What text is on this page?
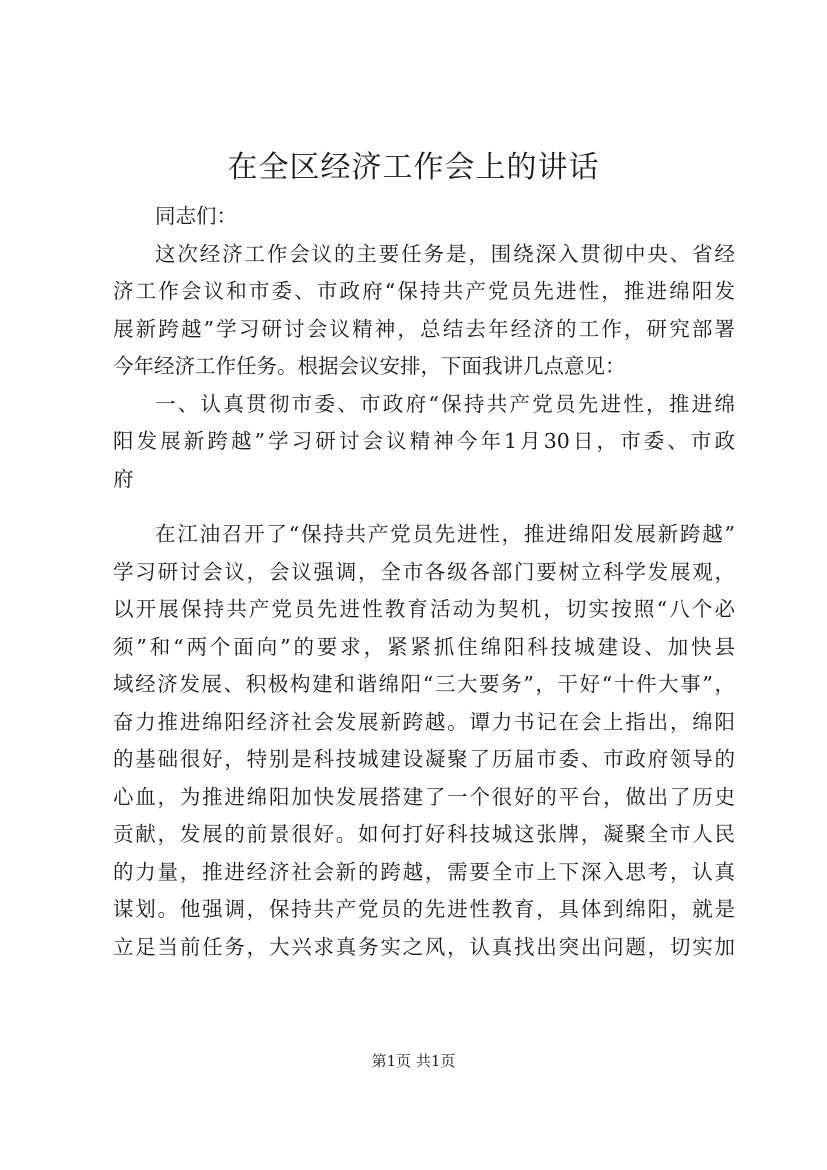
在全区经济工作会上的讲话
同志们：
这次经济工作会议的主要任务是，围绕深入贯彻中央、省经
济工作会议和市委、市政府“保持共产党员先进性，推进绵阳发
展新跨越”学习研讨会议精神，总结去年经济的工作，研究部署
今年经济工作任务。根据会议安排，下面我讲几点意见：
一、认真贯彻市委、市政府“保持共产党员先进性，推进绵
阳发展新跨越”学习研讨会议精神今年1月30日，市委、市政
府
在江油召开了“保持共产党员先进性，推进绵阳发展新跨越”
学习研讨会议，会议强调，全市各级各部门要树立科学发展观，
以开展保持共产党员先进性教育活动为契机，切实按照“八个必
须”和“两个面向”的要求，紧紧抓住绵阳科技城建设、加快县
域经济发展、积极构建和谐绵阳“三大要务”，干好“十件大事”，
奋力推进绵阳经济社会发展新跨越。谭力书记在会上指出，绵阳
的基础很好，特别是科技城建设凝聚了历届市委、市政府领导的
心血，为推进绵阳加快发展搭建了一个很好的平台，做出了历史
贡献，发展的前景很好。如何打好科技城这张牌，凝聚全市人民
的力量，推进经济社会新的跨越，需要全市上下深入思考，认真
谋划。他强调，保持共产党员的先进性教育，具体到绵阳，就是
立足当前任务，大兴求真务实之风，认真找出突出问题，切实加
第1页 共1页
